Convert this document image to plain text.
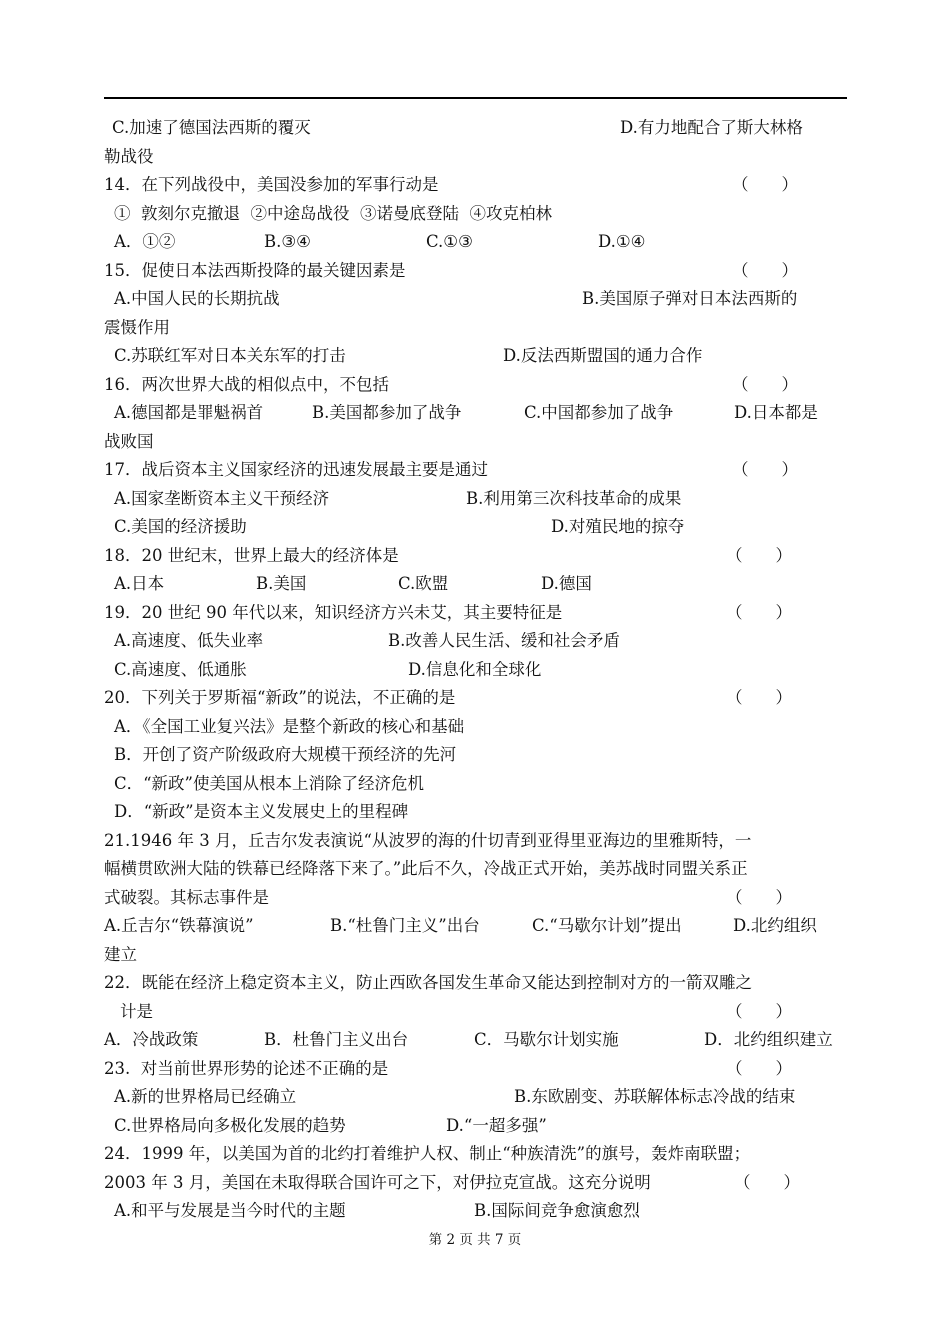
C.加速了德国法西斯的覆灭	D.有力地配合了斯大林格
勒战役
14．在下列战役中，美国没参加的军事行动是	（　　）
①  敦刻尔克撤退  ②中途岛战役  ③诺曼底登陆  ④攻克柏林
A．①②	B.③④	C.①③	D.①④
15．促使日本法西斯投降的最关键因素是	（　　）
A.中国人民的长期抗战	B.美国原子弹对日本法西斯的
震慑作用
C.苏联红军对日本关东军的打击	D.反法西斯盟国的通力合作
16．两次世界大战的相似点中，不包括	（　　）
A.德国都是罪魁祸首	B.美国都参加了战争	C.中国都参加了战争	D.日本都是
战败国
17．战后资本主义国家经济的迅速发展最主要是通过	（　　）
A.国家垄断资本主义干预经济	B.利用第三次科技革命的成果
C.美国的经济援助	D.对殖民地的掠夺
18．20 世纪末，世界上最大的经济体是	（　　）
A.日本	B.美国	C.欧盟	D.德国
19．20 世纪 90 年代以来，知识经济方兴未艾，其主要特征是	（　　）
A.高速度、低失业率	B.改善人民生活、缓和社会矛盾
C.高速度、低通胀	D.信息化和全球化
20．下列关于罗斯福“新政”的说法，不正确的是	（　　）
A．《全国工业复兴法》是整个新政的核心和基础
B．开创了资产阶级政府大规模干预经济的先河
C．“新政”使美国从根本上消除了经济危机
D．“新政”是资本主义发展史上的里程碑
21.1946 年 3 月，丘吉尔发表演说“从波罗的海的什切青到亚得里亚海边的里雅斯特，一
幅横贯欧洲大陆的铁幕已经降落下来了。”此后不久，冷战正式开始，美苏战时同盟关系正
式破裂。其标志事件是	（　　）
A.丘吉尔“铁幕演说”	B.“杜鲁门主义”出台	C.“马歇尔计划”提出	D.北约组织
建立
22．既能在经济上稳定资本主义，防止西欧各国发生革命又能达到控制对方的一箭双雕之
计是	（　　）
A．冷战政策	B．杜鲁门主义出台	C．马歇尔计划实施	D．北约组织建立
23.  对当前世界形势的论述不正确的是	（　　）
A.新的世界格局已经确立	B.东欧剧变、苏联解体标志冷战的结束
C.世界格局向多极化发展的趋势	D.“一超多强”
24．1999 年，以美国为首的北约打着维护人权、制止“种族清洗”的旗号，轰炸南联盟；
2003 年 3 月，美国在未取得联合国许可之下，对伊拉克宣战。这充分说明	（　　）
A.和平与发展是当今时代的主题	B.国际间竞争愈演愈烈
第 2 页 共 7 页
